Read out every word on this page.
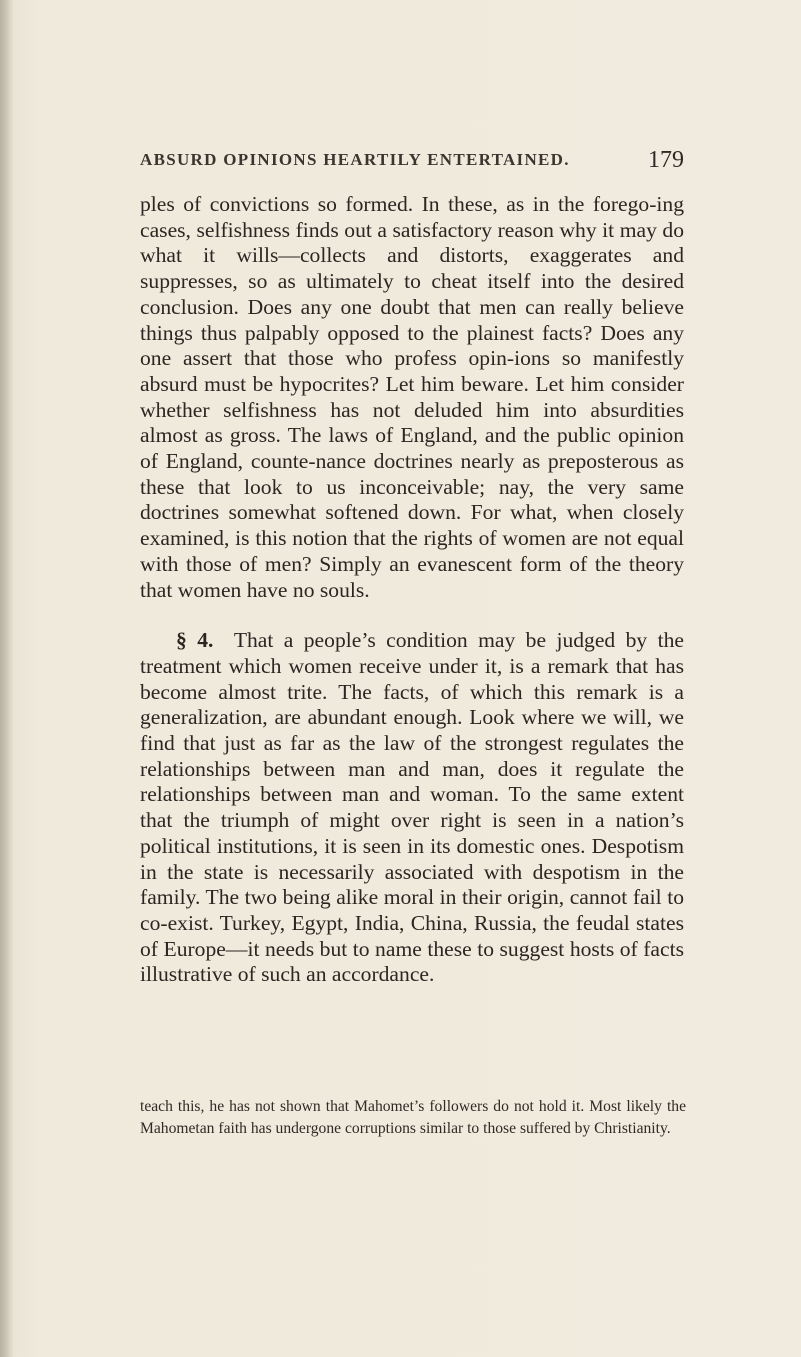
ABSURD OPINIONS HEARTILY ENTERTAINED.	179

ples of convictions so formed. In these, as in the forego-ing cases, selfishness finds out a satisfactory reason why it may do what it wills—collects and distorts, exaggerates and suppresses, so as ultimately to cheat itself into the desired conclusion. Does any one doubt that men can really believe things thus palpably opposed to the plainest facts? Does any one assert that those who profess opin-ions so manifestly absurd must be hypocrites? Let him beware. Let him consider whether selfishness has not deluded him into absurdities almost as gross. The laws of England, and the public opinion of England, counte-nance doctrines nearly as preposterous as these that look to us inconceivable; nay, the very same doctrines somewhat softened down. For what, when closely examined, is this notion that the rights of women are not equal with those of men? Simply an evanescent form of the theory that women have no souls.

§ 4. That a people’s condition may be judged by the treatment which women receive under it, is a remark that has become almost trite. The facts, of which this remark is a generalization, are abundant enough. Look where we will, we find that just as far as the law of the strongest regulates the relationships between man and man, does it regulate the relationships between man and woman. To the same extent that the triumph of might over right is seen in a nation’s political institutions, it is seen in its domestic ones. Despotism in the state is necessarily associated with despotism in the family. The two being alike moral in their origin, cannot fail to co-exist. Turkey, Egypt, India, China, Russia, the feudal states of Europe—it needs but to name these to suggest hosts of facts illustrative of such an accordance.

teach this, he has not shown that Mahomet’s followers do not hold it. Most likely the Mahometan faith has undergone corruptions similar to those suffered by Christianity.
